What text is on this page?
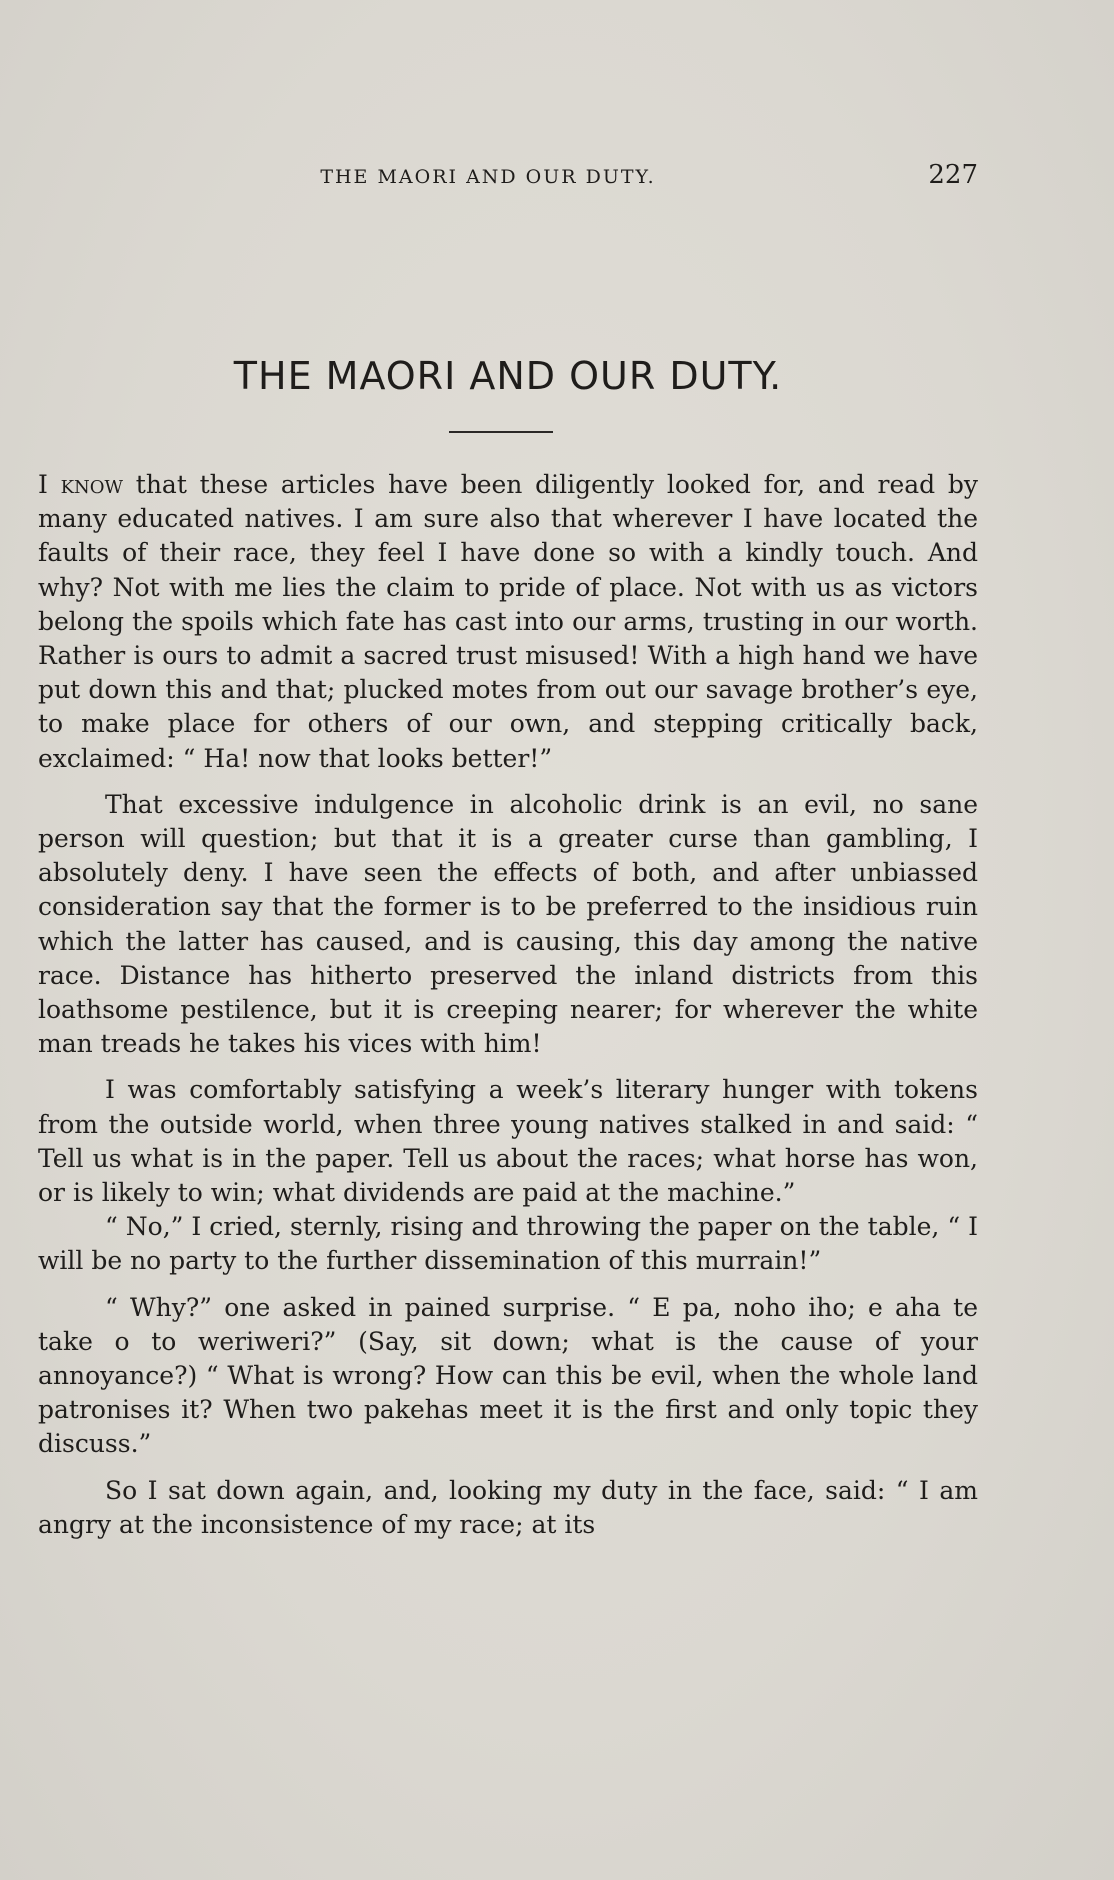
THE MAORI AND OUR DUTY.	227
THE MAORI AND OUR DUTY.

I know that these articles have been diligently looked for, and read by many educated natives. I am sure also that wherever I have located the faults of their race, they feel I have done so with a kindly touch. And why? Not with me lies the claim to pride of place. Not with us as victors belong the spoils which fate has cast into our arms, trusting in our worth. Rather is ours to admit a sacred trust misused! With a high hand we have put down this and that; plucked motes from out our savage brother’s eye, to make place for others of our own, and stepping critically back, exclaimed: “ Ha! now that looks better!”

That excessive indulgence in alcoholic drink is an evil, no sane person will question; but that it is a greater curse than gambling, I absolutely deny. I have seen the effects of both, and after unbiassed consideration say that the former is to be preferred to the insidious ruin which the latter has caused, and is causing, this day among the native race. Distance has hitherto preserved the inland districts from this loathsome pestilence, but it is creeping nearer; for wherever the white man treads he takes his vices with him!

I was comfortably satisfying a week’s literary hunger with tokens from the outside world, when three young natives stalked in and said: “ Tell us what is in the paper. Tell us about the races; what horse has won, or is likely to win; what dividends are paid at the machine.”

“ No,” I cried, sternly, rising and throwing the paper on the table, “ I will be no party to the further dissemination of this murrain!”

“ Why?” one asked in pained surprise. “ E pa, noho iho; e aha te take o to weriweri?” (Say, sit down; what is the cause of your annoyance?) “ What is wrong? How can this be evil, when the whole land patronises it? When two pakehas meet it is the first and only topic they discuss.”

So I sat down again, and, looking my duty in the face, said: “ I am angry at the inconsistence of my race; at its
